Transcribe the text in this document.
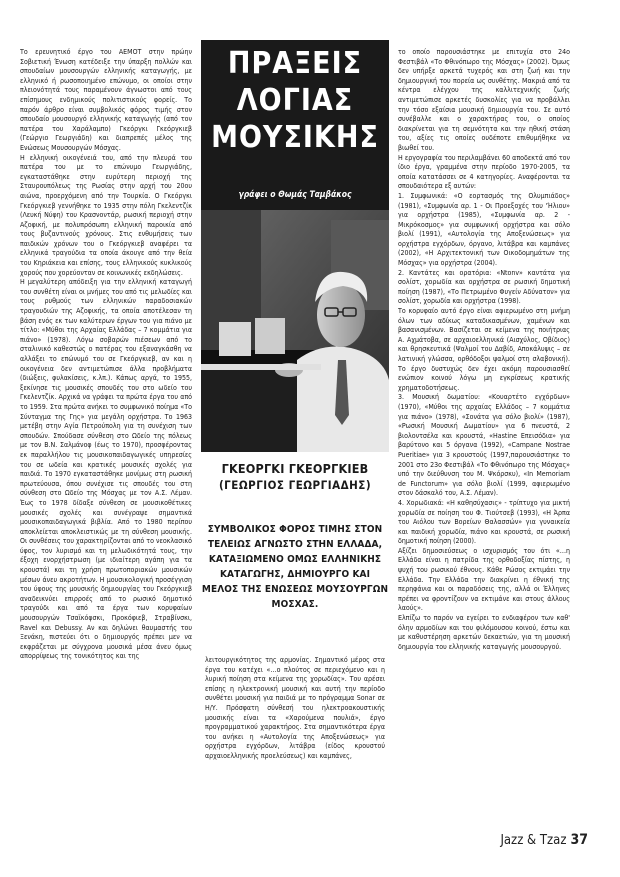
Το ερευνητικό έργο του ΑΕΜΟΤ στην πρώην Σοβιετική Ένωση κατέδειξε την ύπαρξη πολλών και σπουδαίων μουσουργών ελληνικής καταγωγής, με ελληνικό ή ρωσοποιημένο επώνυμο, οι οποίοι στην πλειονότητά τους παραμένουν άγνωστοι από τους επίσημους ενδημικούς πολιτιστικούς φορείς. Το παρόν άρθρο είναι συμβολικός φόρος τιμής στον σπουδαίο μουσουργό ελληνικής καταγωγής (από τον πατέρα του Χαράλαμπο) Γκεόργκι Γκεόργκιεβ (Γεώργιο Γεωργιάδη) και διαπρεπές μέλος της Ενώσεως Μουσουργών Μόσχας.

Η ελληνική οικογένειά του, από την πλευρά του πατέρα του με το επώνυμο Γεωργιάδης, εγκαταστάθηκε στην ευρύτερη περιοχή της Σταυρουπόλεως της Ρωσίας στην αρχή του 20ου αιώνα, προερχόμενη από την Τουρκία. Ο Γκεόργκι Γκεόργκιεβ γεννήθηκε το 1935 στην πόλη Γκελεντζίκ (Λευκή Νύφη) του Κρασνοντάρ, ρωσική περιοχή στην Αζοφική, με πολυπρόσωπη ελληνική παροικία από τους βυζαντινούς χρόνους. Στις ενθυμήσεις των παιδικών χρόνων του ο Γκεόργκιεβ αναφέρει τα ελληνικά τραγούδια τα οποία άκουγε από την θεία του Κηριάκεια και επίσης, τους ελληνικούς κυκλικούς χορούς που χορεύονταν σε κοινωνικές εκδηλώσεις.

Η μεγαλύτερη απόδειξη για την ελληνική καταγωγή του συνθέτη είναι οι μνήμες του από τις μελωδίες και τους ρυθμούς των ελληνικών παραδοσιακών τραγουδιών της Αζοφικής, τα οποία αποτέλεσαν τη βάση ενός εκ των καλύτερων έργων του για πιάνο με τίτλο: «Μύθοι της Αρχαίας Ελλάδας – 7 κομμάτια για πιάνο» (1978). Λόγω σοβαρών πιέσεων από το σταλινικό καθεστώς ο πατέρας του εξαναγκάσθη να αλλάξει το επώνυμό του σε Γκεόργκιεβ, αν και η οικογένεια δεν αντιμετώπισε άλλα προβλήματα (διώξεις, φυλακίσεις, κ.λπ.). Κάπως αργά, το 1955, ξεκίνησε τις μουσικές σπουδές του στο ωδείο του Γκελεντζίκ. Αρχικά να γράφει τα πρώτα έργα του από το 1959. Στα πρώτα ανήκει το συμφωνικό ποίημα «Το Σύνταγμα της Γης» για μεγάλη ορχήστρα. Το 1963 μετέβη στην Αγία Πετρούπολη για τη συνέχιση των σπουδών. Σπούδασε σύνθεση στο Ωδείο της πόλεως με τον Β.Ν. Σαλμάνοφ (έως το 1970), προσφέροντας εκ παραλλήλου τις μουσικοπαιδαγωγικές υπηρεσίες του σε ωδεία και κρατικές μουσικές σχολές για παιδιά. Το 1970 εγκαταστάθηκε μονίμως στη ρωσική πρωτεύουσα, όπου συνέχισε τις σπουδές του στη σύνθεση στο Ωδείο της Μόσχας με τον Α.Σ. Λέμαν. Έως το 1978 δίδαξε σύνθεση σε μουσικοθέτικες μουσικές σχολές και συνέγραψε σημαντικά μουσικοπαιδαγωγικά βιβλία. Από το 1980 περίπου αποκλείεται αποκλειστικώς με τη σύνθεση μουσικής. Οι συνθέσεις του χαρακτηρίζονται από το νεοκλασικό ύφος, τον λυρισμό και τη μελωδικότητά τους, την έξοχη ενορχήστρωση (με ιδιαίτερη αγάπη για τα κρουστά) και τη χρήση πρωτοποριακών μουσικών μέσων άνευ ακροτήτων. Η μουσικολογική προσέγγιση του ύφους της μουσικής δημιουργίας του Γκεόργκιεβ αναδεικνύει επιρροές από το ρωσικό δημοτικό τραγούδι και από τα έργα των κορυφαίων μουσουργών Τσαϊκόφσκι, Προκόφιεβ, Στραβίνσκι, Ravel και Debussy. Αν και δηλώνει θαυμαστής του Ξενάκη, πιστεύει ότι ο δημιουργός πρέπει μεν να εκφράζεται με σύγχρονα μουσικά μέσα άνευ όμως απορρίψεως της τονικότητος και της

ΠΡΑΞΕΙΣ
ΛΟΓΙΑΣ
ΜΟΥΣΙΚΗΣ
γράφει ο Θωμάς Ταμβάκος
ΓΚΕΟΡΓΚΙ ΓΚΕΟΡΓΚΙΕΒ
(ΓΕΩΡΓΙΟΣ ΓΕΩΡΓΙΑΔΗΣ)
ΣΥΜΒΟΛΙΚΟΣ ΦΟΡΟΣ ΤΙΜΗΣ ΣΤΟΝ ΤΕΛΕΙΩΣ ΑΓΝΩΣΤΟ ΣΤΗΝ ΕΛΛΑΔΑ, ΚΑΤΑΞΙΩΜΕΝΟ ΟΜΩΣ ΕΛΛΗΝΙΚΗΣ ΚΑΤΑΓΩΓΗΣ, ΔΗΜΙΟΥΡΓΟ ΚΑΙ ΜΕΛΟΣ ΤΗΣ ΕΝΩΣΕΩΣ ΜΟΥΣΟΥΡΓΩΝ ΜΟΣΧΑΣ.

λειτουργικότητος της αρμονίας. Σημαντικό μέρος στα έργα του κατέχει «…ο πλούτος σε περιεχόμενο και η λυρική ποίηση στα κείμενα της χορωδίας». Του αρέσει επίσης η ηλεκτρονική μουσική και αυτή την περίοδο συνθέτει μουσική για παιδιά με το πρόγραμμα Sonar σε Η/Υ. Πρόσφατη σύνθεσή του ηλεκτροακουστικής μουσικής είναι τα «Χαρούμενα πουλιά», έργο προγραμματικού χαρακτήρος. Στα σημαντικότερα έργα του ανήκει η «Αυτολογία της Αποξενώσεως» για ορχήστρα εγχόρδων, λιτάβρα (είδος κρουστού αρχαιοελληνικής προελεύσεως) και καμπάνες,

το οποίο παρουσιάστηκε με επιτυχία στο 24ο Φεστιβάλ «Το Φθινόπωρο της Μόσχας» (2002). Όμως δεν υπήρξε αρκετά τυχερός και στη ζωή και την δημιουργική του πορεία ως συνθέτης. Μακριά από τα κέντρα ελέγχου της καλλιτεχνικής ζωής αντιμετώπισε αρκετές δυσκολίες για να προβάλλει την τόσο εξαίσια μουσική δημιουργία του. Σε αυτό συνέβαλλε και ο χαρακτήρας του, ο οποίος διακρίνεται για τη σεμνότητα και την ηθική στάση του, αξίες τις οποίες ουδέποτε επιθυμήθηκε να βιωθεί του.

Η εργογραφία του περιλαμβάνει 60 αποδεκτά από τον ίδιο έργα, γραμμένα στην περίοδο 1970-2005, τα οποία κατατάσσει σε 4 κατηγορίες. Αναφέρονται τα σπουδαιότερα εξ αυτών:

1. Συμφωνικά: «Ο εορτασμός της Ολυμπιάδος» (1981), «Συμφωνία αρ. 1 - Οι Προεξοχές του 'Ήλιου» για ορχήστρα (1985), «Συμφωνία αρ. 2 - Μικρόκοσμος» για συμφωνική ορχήστρα και σόλο βιολί (1991), «Αυτολογία της Αποξενώσεως» για ορχήστρα εγχόρδων, όργανο, λιτάβρα και καμπάνες (2002), «Η Αρχιτεκτονική των Οικοδομημάτων της Μόσχας» για ορχήστρα (2004).

2. Καντάτες και ορατόρια: «Ntonv» καντάτα για σολίστ, χορωδία και ορχήστρα σε ρωσική δημοτική ποίηση (1987), «Το Πετρωμένο Φυγείν Αδύνατον» για σολίστ, χορωδία και ορχήστρα (1998).

Το κορυφαίο αυτό έργο είναι αφιερωμένο στη μνήμη όλων των αδίκως καταδικασμένων, χαμένων και βασανισμένων. Βασίζεται σε κείμενα της ποιήτριας Α. Αχμάτοβα, σε αρχαιοελληνικά (Αισχύλος, Οβίδιος) και θρησκευτικά (Ψαλμοί του Δαβίδ, Αποκάλυψις – σε λατινική γλώσσα, ορθόδοξοι ψαλμοί στη σλαβονική). Το έργο δυστυχώς δεν έχει ακόμη παρουσιασθεί ενώπιον κοινού λόγω μη εγκρίσεως κρατικής χρηματοδοτήσεως.

3. Μουσική δωματίου: «Κουαρτέτο εγχόρδων» (1970), «Μύθοι της αρχαίας Ελλάδος – 7 κομμάτια για πιάνο» (1978), «Σονάτα για σόλο βιολί» (1987), «Ρωσική Μουσική Δωματίου» για 6 πνευστά, 2 βιολοντσέλα και κρουστά, «Hastine Επεισόδια» για βαρύτονο και 5 όργανα (1992), «Campane Nostrae Pueritiae» για 3 κρουστούς (1997,παρουσιάστηκε το 2001 στο 23ο Φεστιβάλ «Το Φθινόπωρο της Μόσχας» υπό την διεύθυνση του Μ. Ψκόρσκυ), «In Memoriam de Functorum» για σόλο βιολί (1999, αφιερωμένο στον δάσκαλό του, Α.Σ. Λέμαν).

4. Χορωδιακά: «Η καθησύχασις» - τρίπτυχο για μικτή χορωδία σε ποίηση του Φ. Τιούτσεβ (1993), «Η Άρπα του Αιόλου των Βορείων Θαλασσών» για γυναικεία και παιδική χορωδία, πιάνο και κρουστά, σε ρωσική δημοτική ποίηση (2000).

Αξίζει δημοσιεύσεως ο ισχυρισμός του ότι «…η Ελλάδα είναι η πατρίδα της ορθοδοξίας πίστης, η ψυχή του ρωσικού έθνους. Κάθε Ρώσος εκτιμάει την Ελλάδα. Την Ελλάδα την διακρίνει η έθνική της περηφάνια και οι παραδόσεις της, αλλά οι Έλληνες πρέπει να φροντίζουν να εκτιμάνε και στους άλλους λαούς».

Ελπίζω το παρόν να εγείρει το ενδιαφέρον των καθ' όλην αρμοδίων και του φιλόμουσου κοινού, έστω και με καθυστέρηση αρκετών δεκαετιών, για τη μουσική δημιουργία του ελληνικής καταγωγής μουσουργού.

Jazz & Tzaz 37
